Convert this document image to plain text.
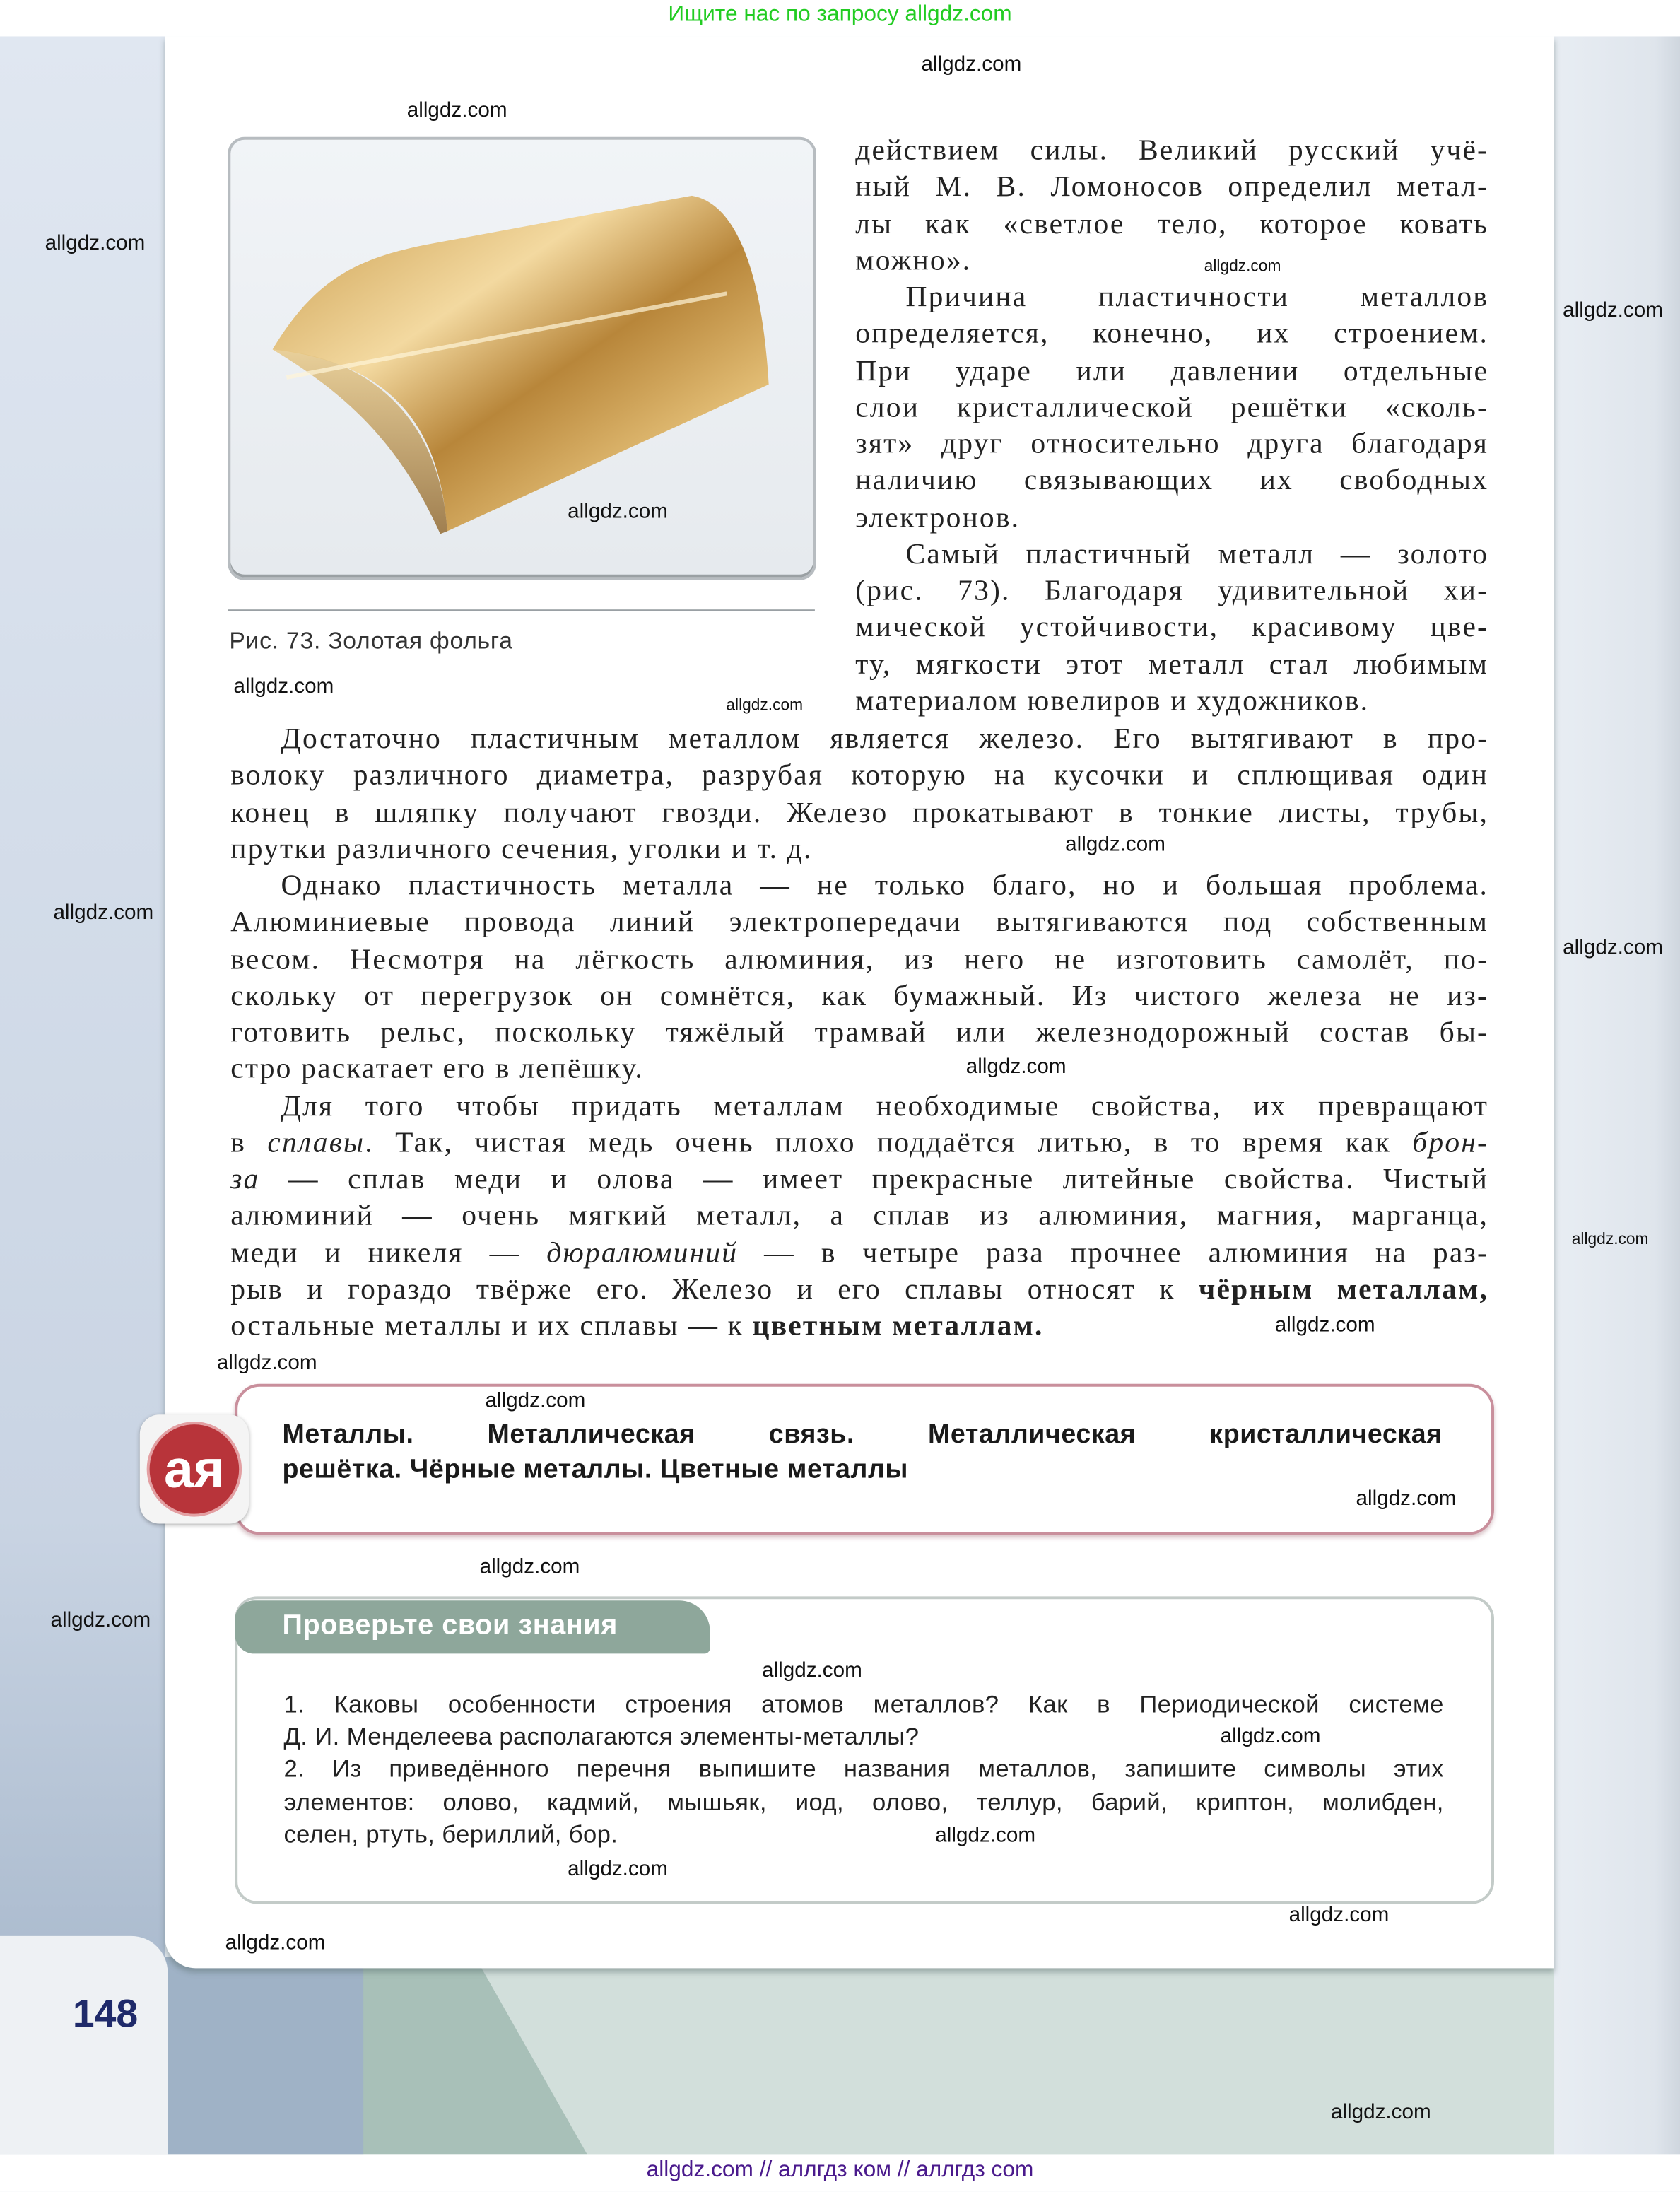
148
Рис. 73. Золотая фольга
действием силы. Великий русский учё-
ный М. В. Ломоносов определил метал-
лы как «светлое тело, которое ковать
можно».
Причина пластичности металлов
определяется, конечно, их строением.
При ударе или давлении отдельные
слои кристаллической решётки «сколь-
зят» друг относительно друга благодаря
наличию связывающих их свободных
электронов.
Самый пластичный металл — золото
(рис. 73). Благодаря удивительной хи-
мической устойчивости, красивому цве-
ту, мягкости этот металл стал любимым
материалом ювелиров и художников.
Достаточно пластичным металлом является железо. Его вытягивают в про-
волоку различного диаметра, разрубая которую на кусочки и сплющивая один
конец в шляпку получают гвозди. Железо прокатывают в тонкие листы, трубы,
прутки различного сечения, уголки и т. д.
Однако пластичность металла — не только благо, но и большая проблема.
Алюминиевые провода линий электропередачи вытягиваются под собственным
весом. Несмотря на лёгкость алюминия, из него не изготовить самолёт, по-
скольку от перегрузок он сомнётся, как бумажный. Из чистого железа не из-
готовить рельс, поскольку тяжёлый трамвай или железнодорожный состав бы-
стро раскатает его в лепёшку.
Для того чтобы придать металлам необходимые свойства, их превращают
в сплавы. Так, чистая медь очень плохо поддаётся литью, в то время как брон-
за — сплав меди и олова — имеет прекрасные литейные свойства. Чистый
алюминий — очень мягкий металл, а сплав из алюминия, магния, марганца,
меди и никеля — дюралюминий — в четыре раза прочнее алюминия на раз-
рыв и гораздо твёрже его. Железо и его сплавы относят к чёрным металлам,
остальные металлы и их сплавы — к цветным металлам.
ая
Металлы. Металлическая связь. Металлическая кристаллическая
решётка. Чёрные металлы. Цветные металлы
Проверьте свои знания
1. Каковы особенности строения атомов металлов? Как в Периодической системе
Д. И. Менделеева располагаются элементы-металлы?
2. Из приведённого перечня выпишите названия металлов, запишите символы этих
элементов: олово, кадмий, мышьяк, иод, олово, теллур, барий, криптон, молибден,
селен, ртуть, бериллий, бор.
Ищите нас по запросу allgdz.com
allgdz.com // аллгдз ком // аллгдз com
allgdz.com
allgdz.com
allgdz.com
allgdz.com
allgdz.com
allgdz.com
allgdz.com
allgdz.com
allgdz.com
allgdz.com
allgdz.com
allgdz.com
allgdz.com
allgdz.com
allgdz.com
allgdz.com
allgdz.com
allgdz.com
allgdz.com
allgdz.com
allgdz.com
allgdz.com
allgdz.com
allgdz.com
allgdz.com
allgdz.com
